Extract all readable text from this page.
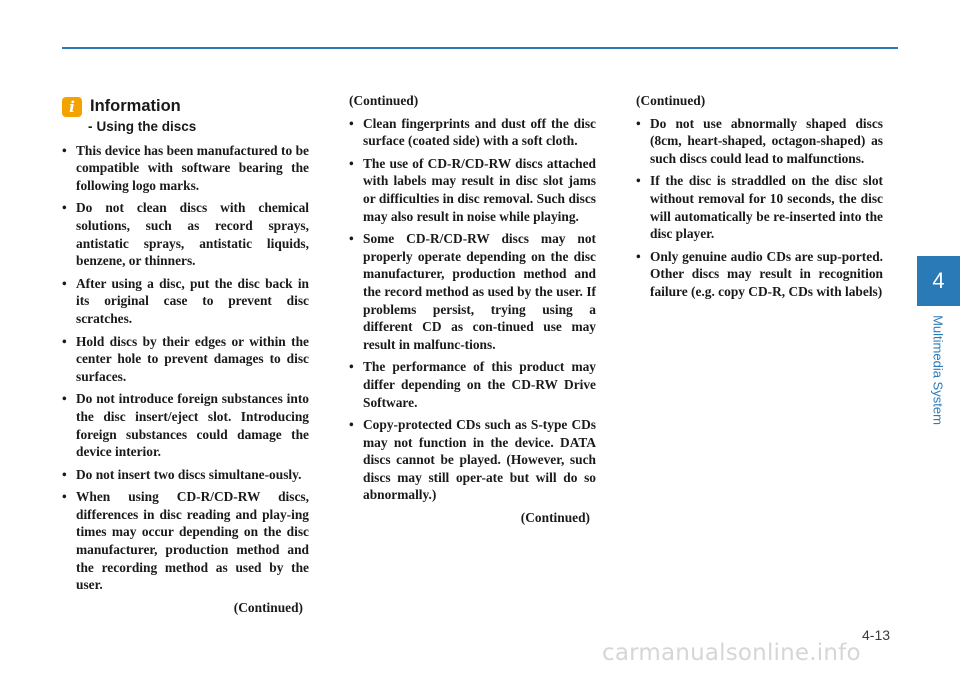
i Information
- Using the discs
• This device has been manufactured to be compatible with software bearing the following logo marks.
• Do not clean discs with chemical solutions, such as record sprays, antistatic sprays, antistatic liquids, benzene, or thinners.
• After using a disc, put the disc back in its original case to prevent disc scratches.
• Hold discs by their edges or within the center hole to prevent damages to disc surfaces.
• Do not introduce foreign substances into the disc insert/eject slot. Introducing foreign substances could damage the device interior.
• Do not insert two discs simultane-ously.
• When using CD-R/CD-RW discs, differences in disc reading and play-ing times may occur depending on the disc manufacturer, production method and the recording method as used by the user.
(Continued)
(Continued)
• Clean fingerprints and dust off the disc surface (coated side) with a soft cloth.
• The use of CD-R/CD-RW discs attached with labels may result in disc slot jams or difficulties in disc removal. Such discs may also result in noise while playing.
• Some CD-R/CD-RW discs may not properly operate depending on the disc manufacturer, production method and the record method as used by the user. If problems persist, trying using a different CD as con-tinued use may result in malfunc-tions.
• The performance of this product may differ depending on the CD-RW Drive Software.
• Copy-protected CDs such as S-type CDs may not function in the device. DATA discs cannot be played. (However, such discs may still oper-ate but will do so abnormally.)
(Continued)
(Continued)
• Do not use abnormally shaped discs (8cm, heart-shaped, octagon-shaped) as such discs could lead to malfunctions.
• If the disc is straddled on the disc slot without removal for 10 seconds, the disc will automatically be re-inserted into the disc player.
• Only genuine audio CDs are sup-ported. Other discs may result in recognition failure (e.g. copy CD-R, CDs with labels)	4
Multimedia System
4-13
carmanualsonline.info
